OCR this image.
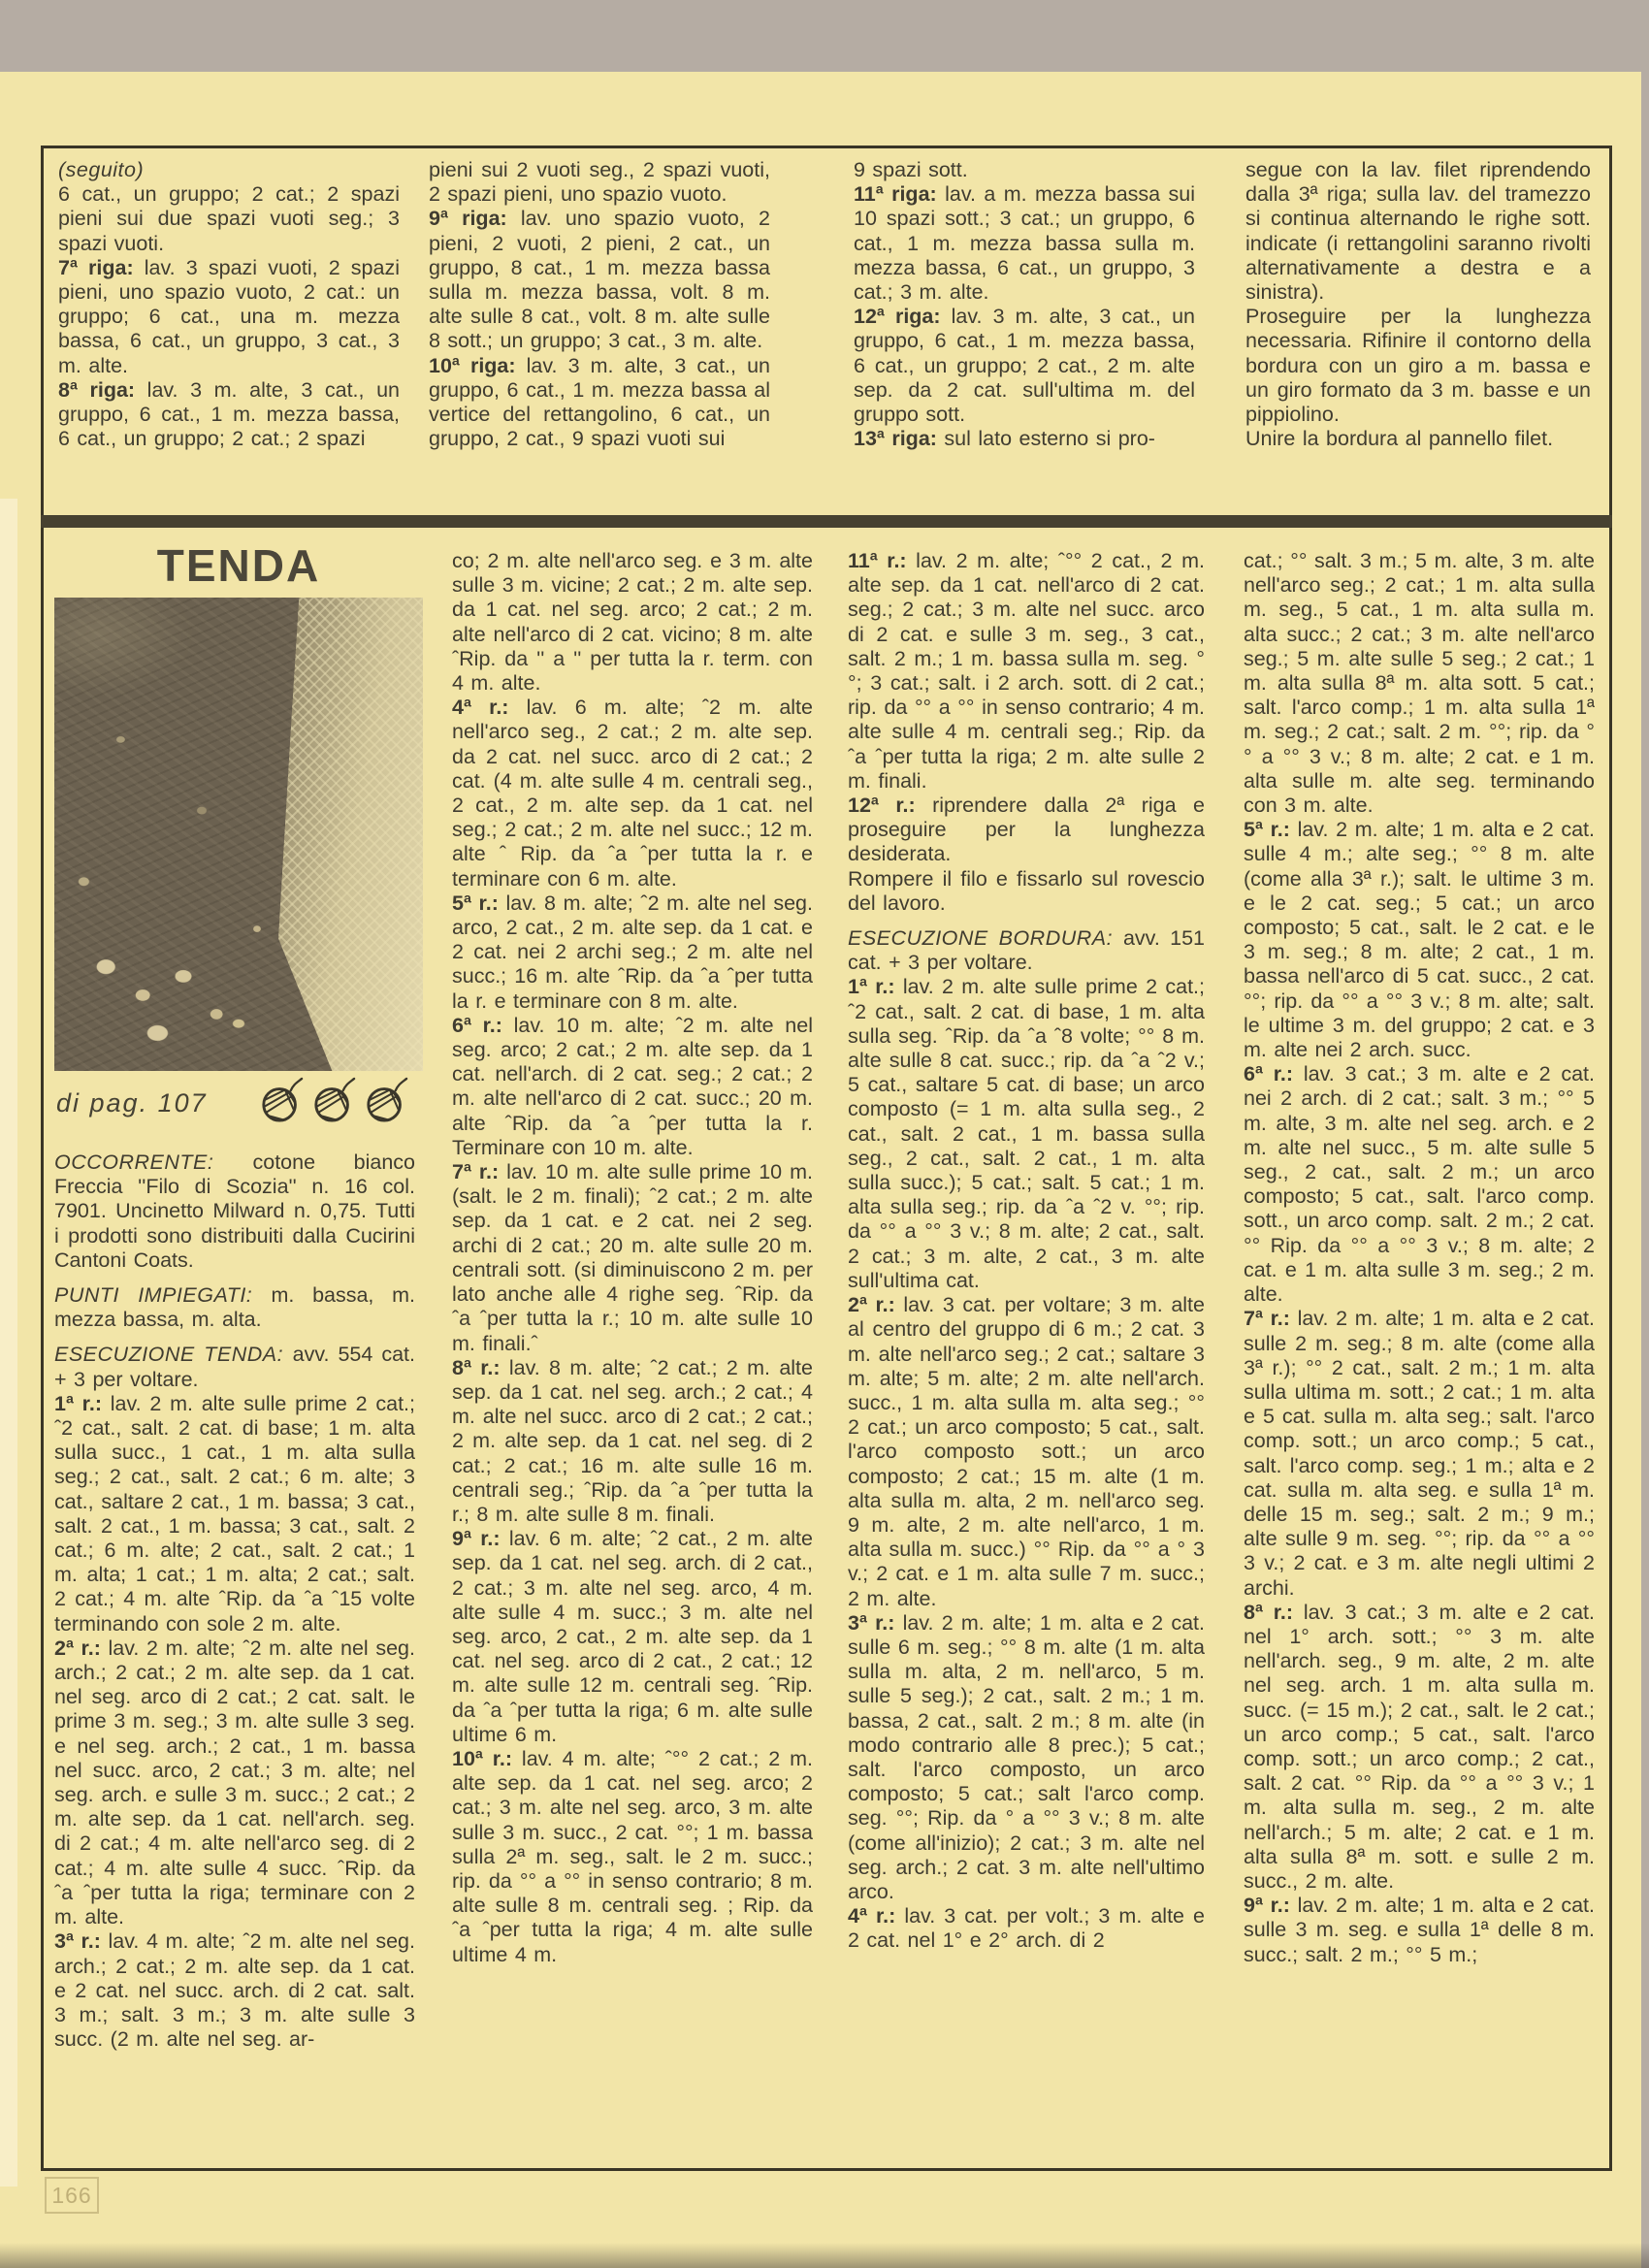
(seguito)

6 cat., un gruppo; 2 cat.; 2 spazi pieni sui due spazi vuoti seg.; 3 spazi vuoti.

7ª riga: lav. 3 spazi vuoti, 2 spazi pieni, uno spazio vuoto, 2 cat.: un gruppo; 6 cat., una m. mezza bassa, 6 cat., un gruppo, 3 cat., 3 m. alte.

8ª riga: lav. 3 m. alte, 3 cat., un gruppo, 6 cat., 1 m. mezza bassa, 6 cat., un gruppo; 2 cat.; 2 spazi

pieni sui 2 vuoti seg., 2 spazi vuoti, 2 spazi pieni, uno spazio vuoto.

9ª riga: lav. uno spazio vuoto, 2 pieni, 2 vuoti, 2 pieni, 2 cat., un gruppo, 8 cat., 1 m. mezza bassa sulla m. mezza bassa, volt. 8 m. alte sulle 8 cat., volt. 8 m. alte sulle 8 sott.; un gruppo; 3 cat., 3 m. alte.

10ª riga: lav. 3 m. alte, 3 cat., un gruppo, 6 cat., 1 m. mezza bassa al vertice del rettangolino, 6 cat., un gruppo, 2 cat., 9 spazi vuoti sui

9 spazi sott.

11ª riga: lav. a m. mezza bassa sui 10 spazi sott.; 3 cat.; un gruppo, 6 cat., 1 m. mezza bassa sulla m. mezza bassa, 6 cat., un gruppo, 3 cat.; 3 m. alte.

12ª riga: lav. 3 m. alte, 3 cat., un gruppo, 6 cat., 1 m. mezza bassa, 6 cat., un gruppo; 2 cat., 2 m. alte sep. da 2 cat. sull'ultima m. del gruppo sott.

13ª riga: sul lato esterno si pro-

segue con la lav. filet riprendendo dalla 3ª riga; sulla lav. del tramezzo si continua alternando le righe sott. indicate (i rettangolini saranno rivolti alternativamente a destra e a sinistra).

Proseguire per la lunghezza necessaria. Rifinire il contorno della bordura con un giro a m. bassa e un giro formato da 3 m. basse e un pippiolino.

Unire la bordura al pannello filet.

TENDA
di pag. 107

OCCORRENTE: cotone bianco Freccia ''Filo di Scozia'' n. 16 col. 7901. Uncinetto Milward n. 0,75. Tutti i prodotti sono distribuiti dalla Cucirini Cantoni Coats.

PUNTI IMPIEGATI: m. bassa, m. mezza bassa, m. alta.

ESECUZIONE TENDA: avv. 554 cat. + 3 per voltare.

1ª r.: lav. 2 m. alte sulle prime 2 cat.; ˆ2 cat., salt. 2 cat. di base; 1 m. alta sulla succ., 1 cat., 1 m. alta sulla seg.; 2 cat., salt. 2 cat.; 6 m. alte; 3 cat., saltare 2 cat., 1 m. bassa; 3 cat., salt. 2 cat., 1 m. bassa; 3 cat., salt. 2 cat.; 6 m. alte; 2 cat., salt. 2 cat.; 1 m. alta; 1 cat.; 1 m. alta; 2 cat.; salt. 2 cat.; 4 m. alte ˆRip. da ˆa ˆ15 volte terminando con sole 2 m. alte.

2ª r.: lav. 2 m. alte; ˆ2 m. alte nel seg. arch.; 2 cat.; 2 m. alte sep. da 1 cat. nel seg. arco di 2 cat.; 2 cat. salt. le prime 3 m. seg.; 3 m. alte sulle 3 seg. e nel seg. arch.; 2 cat., 1 m. bassa nel succ. arco, 2 cat.; 3 m. alte; nel seg. arch. e sulle 3 m. succ.; 2 cat.; 2 m. alte sep. da 1 cat. nell'arch. seg. di 2 cat.; 4 m. alte nell'arco seg. di 2 cat.; 4 m. alte sulle 4 succ. ˆRip. da ˆa ˆper tutta la riga; terminare con 2 m. alte.

3ª r.: lav. 4 m. alte; ˆ2 m. alte nel seg. arch.; 2 cat.; 2 m. alte sep. da 1 cat. e 2 cat. nel succ. arch. di 2 cat. salt. 3 m.; salt. 3 m.; 3 m. alte sulle 3 succ. (2 m. alte nel seg. ar-

co; 2 m. alte nell'arco seg. e 3 m. alte sulle 3 m. vicine; 2 cat.; 2 m. alte sep. da 1 cat. nel seg. arco; 2 cat.; 2 m. alte nell'arco di 2 cat. vicino; 8 m. alte ˆRip. da '' a '' per tutta la r. term. con 4 m. alte.

4ª r.: lav. 6 m. alte; ˆ2 m. alte nell'arco seg., 2 cat.; 2 m. alte sep. da 2 cat. nel succ. arco di 2 cat.; 2 cat. (4 m. alte sulle 4 m. centrali seg., 2 cat., 2 m. alte sep. da 1 cat. nel seg.; 2 cat.; 2 m. alte nel succ.; 12 m. alte ˆ Rip. da ˆa ˆper tutta la r. e terminare con 6 m. alte.

5ª r.: lav. 8 m. alte; ˆ2 m. alte nel seg. arco, 2 cat., 2 m. alte sep. da 1 cat. e 2 cat. nei 2 archi seg.; 2 m. alte nel succ.; 16 m. alte ˆRip. da ˆa ˆper tutta la r. e terminare con 8 m. alte.

6ª r.: lav. 10 m. alte; ˆ2 m. alte nel seg. arco; 2 cat.; 2 m. alte sep. da 1 cat. nell'arch. di 2 cat. seg.; 2 cat.; 2 m. alte nell'arco di 2 cat. succ.; 20 m. alte ˆRip. da ˆa ˆper tutta la r. Terminare con 10 m. alte.

7ª r.: lav. 10 m. alte sulle prime 10 m. (salt. le 2 m. finali); ˆ2 cat.; 2 m. alte sep. da 1 cat. e 2 cat. nei 2 seg. archi di 2 cat.; 20 m. alte sulle 20 m. centrali sott. (si diminuiscono 2 m. per lato anche alle 4 righe seg. ˆRip. da ˆa ˆper tutta la r.; 10 m. alte sulle 10 m. finali.ˆ

8ª r.: lav. 8 m. alte; ˆ2 cat.; 2 m. alte sep. da 1 cat. nel seg. arch.; 2 cat.; 4 m. alte nel succ. arco di 2 cat.; 2 cat.; 2 m. alte sep. da 1 cat. nel seg. di 2 cat.; 2 cat.; 16 m. alte sulle 16 m. centrali seg.; ˆRip. da ˆa ˆper tutta la r.; 8 m. alte sulle 8 m. finali.

9ª r.: lav. 6 m. alte; ˆ2 cat., 2 m. alte sep. da 1 cat. nel seg. arch. di 2 cat., 2 cat.; 3 m. alte nel seg. arco, 4 m. alte sulle 4 m. succ.; 3 m. alte nel seg. arco, 2 cat., 2 m. alte sep. da 1 cat. nel seg. arco di 2 cat., 2 cat.; 12 m. alte sulle 12 m. centrali seg. ˆRip. da ˆa ˆper tutta la riga; 6 m. alte sulle ultime 6 m.

10ª r.: lav. 4 m. alte; ˆ°° 2 cat.; 2 m. alte sep. da 1 cat. nel seg. arco; 2 cat.; 3 m. alte nel seg. arco, 3 m. alte sulle 3 m. succ., 2 cat. °°; 1 m. bassa sulla 2ª m. seg., salt. le 2 m. succ.; rip. da °° a °° in senso contrario; 8 m. alte sulle 8 m. centrali seg. ; Rip. da ˆa ˆper tutta la riga; 4 m. alte sulle ultime 4 m.

11ª r.: lav. 2 m. alte; ˆ°° 2 cat., 2 m. alte sep. da 1 cat. nell'arco di 2 cat. seg.; 2 cat.; 3 m. alte nel succ. arco di 2 cat. e sulle 3 m. seg., 3 cat., salt. 2 m.; 1 m. bassa sulla m. seg. °°; 3 cat.; salt. i 2 arch. sott. di 2 cat.; rip. da °° a °° in senso contrario; 4 m. alte sulle 4 m. centrali seg.; Rip. da ˆa ˆper tutta la riga; 2 m. alte sulle 2 m. finali.

12ª r.: riprendere dalla 2ª riga e proseguire per la lunghezza desiderata.

Rompere il filo e fissarlo sul rovescio del lavoro.

ESECUZIONE BORDURA: avv. 151 cat. + 3 per voltare.

1ª r.: lav. 2 m. alte sulle prime 2 cat.; ˆ2 cat., salt. 2 cat. di base, 1 m. alta sulla seg. ˆRip. da ˆa ˆ8 volte; °° 8 m. alte sulle 8 cat. succ.; rip. da ˆa ˆ2 v.; 5 cat., saltare 5 cat. di base; un arco composto (= 1 m. alta sulla seg., 2 cat., salt. 2 cat., 1 m. bassa sulla seg., 2 cat., salt. 2 cat., 1 m. alta sulla succ.); 5 cat.; salt. 5 cat.; 1 m. alta sulla seg.; rip. da ˆa ˆ2 v. °°; rip. da °° a °° 3 v.; 8 m. alte; 2 cat., salt. 2 cat.; 3 m. alte, 2 cat., 3 m. alte sull'ultima cat.

2ª r.: lav. 3 cat. per voltare; 3 m. alte al centro del gruppo di 6 m.; 2 cat. 3 m. alte nell'arco seg.; 2 cat.; saltare 3 m. alte; 5 m. alte; 2 m. alte nell'arch. succ., 1 m. alta sulla m. alta seg.; °° 2 cat.; un arco composto; 5 cat., salt. l'arco composto sott.; un arco composto; 2 cat.; 15 m. alte (1 m. alta sulla m. alta, 2 m. nell'arco seg. 9 m. alte, 2 m. alte nell'arco, 1 m. alta sulla m. succ.) °° Rip. da °° a ° 3 v.; 2 cat. e 1 m. alta sulle 7 m. succ.; 2 m. alte.

3ª r.: lav. 2 m. alte; 1 m. alta e 2 cat. sulle 6 m. seg.; °° 8 m. alte (1 m. alta sulla m. alta, 2 m. nell'arco, 5 m. sulle 5 seg.); 2 cat., salt. 2 m.; 1 m. bassa, 2 cat., salt. 2 m.; 8 m. alte (in modo contrario alle 8 prec.); 5 cat.; salt. l'arco composto, un arco composto; 5 cat.; salt l'arco comp. seg. °°; Rip. da ° a °° 3 v.; 8 m. alte (come all'inizio); 2 cat.; 3 m. alte nel seg. arch.; 2 cat. 3 m. alte nell'ultimo arco.

4ª r.: lav. 3 cat. per volt.; 3 m. alte e 2 cat. nel 1° e 2° arch. di 2

cat.; °° salt. 3 m.; 5 m. alte, 3 m. alte nell'arco seg.; 2 cat.; 1 m. alta sulla m. seg., 5 cat., 1 m. alta sulla m. alta succ.; 2 cat.; 3 m. alte nell'arco seg.; 5 m. alte sulle 5 seg.; 2 cat.; 1 m. alta sulla 8ª m. alta sott. 5 cat.; salt. l'arco comp.; 1 m. alta sulla 1ª m. seg.; 2 cat.; salt. 2 m. °°; rip. da °° a °° 3 v.; 8 m. alte; 2 cat. e 1 m. alta sulle m. alte seg. terminando con 3 m. alte.

5ª r.: lav. 2 m. alte; 1 m. alta e 2 cat. sulle 4 m.; alte seg.; °° 8 m. alte (come alla 3ª r.); salt. le ultime 3 m. e le 2 cat. seg.; 5 cat.; un arco composto; 5 cat., salt. le 2 cat. e le 3 m. seg.; 8 m. alte; 2 cat., 1 m. bassa nell'arco di 5 cat. succ., 2 cat. °°; rip. da °° a °° 3 v.; 8 m. alte; salt. le ultime 3 m. del gruppo; 2 cat. e 3 m. alte nei 2 arch. succ.

6ª r.: lav. 3 cat.; 3 m. alte e 2 cat. nei 2 arch. di 2 cat.; salt. 3 m.; °° 5 m. alte, 3 m. alte nel seg. arch. e 2 m. alte nel succ., 5 m. alte sulle 5 seg., 2 cat., salt. 2 m.; un arco composto; 5 cat., salt. l'arco comp. sott., un arco comp. salt. 2 m.; 2 cat. °° Rip. da °° a °° 3 v.; 8 m. alte; 2 cat. e 1 m. alta sulle 3 m. seg.; 2 m. alte.

7ª r.: lav. 2 m. alte; 1 m. alta e 2 cat. sulle 2 m. seg.; 8 m. alte (come alla 3ª r.); °° 2 cat., salt. 2 m.; 1 m. alta sulla ultima m. sott.; 2 cat.; 1 m. alta e 5 cat. sulla m. alta seg.; salt. l'arco comp. sott.; un arco comp.; 5 cat., salt. l'arco comp. seg.; 1 m.; alta e 2 cat. sulla m. alta seg. e sulla 1ª m. delle 15 m. seg.; salt. 2 m.; 9 m.; alte sulle 9 m. seg. °°; rip. da °° a °° 3 v.; 2 cat. e 3 m. alte negli ultimi 2 archi.

8ª r.: lav. 3 cat.; 3 m. alte e 2 cat. nel 1° arch. sott.; °° 3 m. alte nell'arch. seg., 9 m. alte, 2 m. alte nel seg. arch. 1 m. alta sulla m. succ. (= 15 m.); 2 cat., salt. le 2 cat.; un arco comp.; 5 cat., salt. l'arco comp. sott.; un arco comp.; 2 cat., salt. 2 cat. °° Rip. da °° a °° 3 v.; 1 m. alta sulla m. seg., 2 m. alte nell'arch.; 5 m. alte; 2 cat. e 1 m. alta sulla 8ª m. sott. e sulle 2 m. succ., 2 m. alte.

9ª r.: lav. 2 m. alte; 1 m. alta e 2 cat. sulle 3 m. seg. e sulla 1ª delle 8 m. succ.; salt. 2 m.; °° 5 m.;

166
